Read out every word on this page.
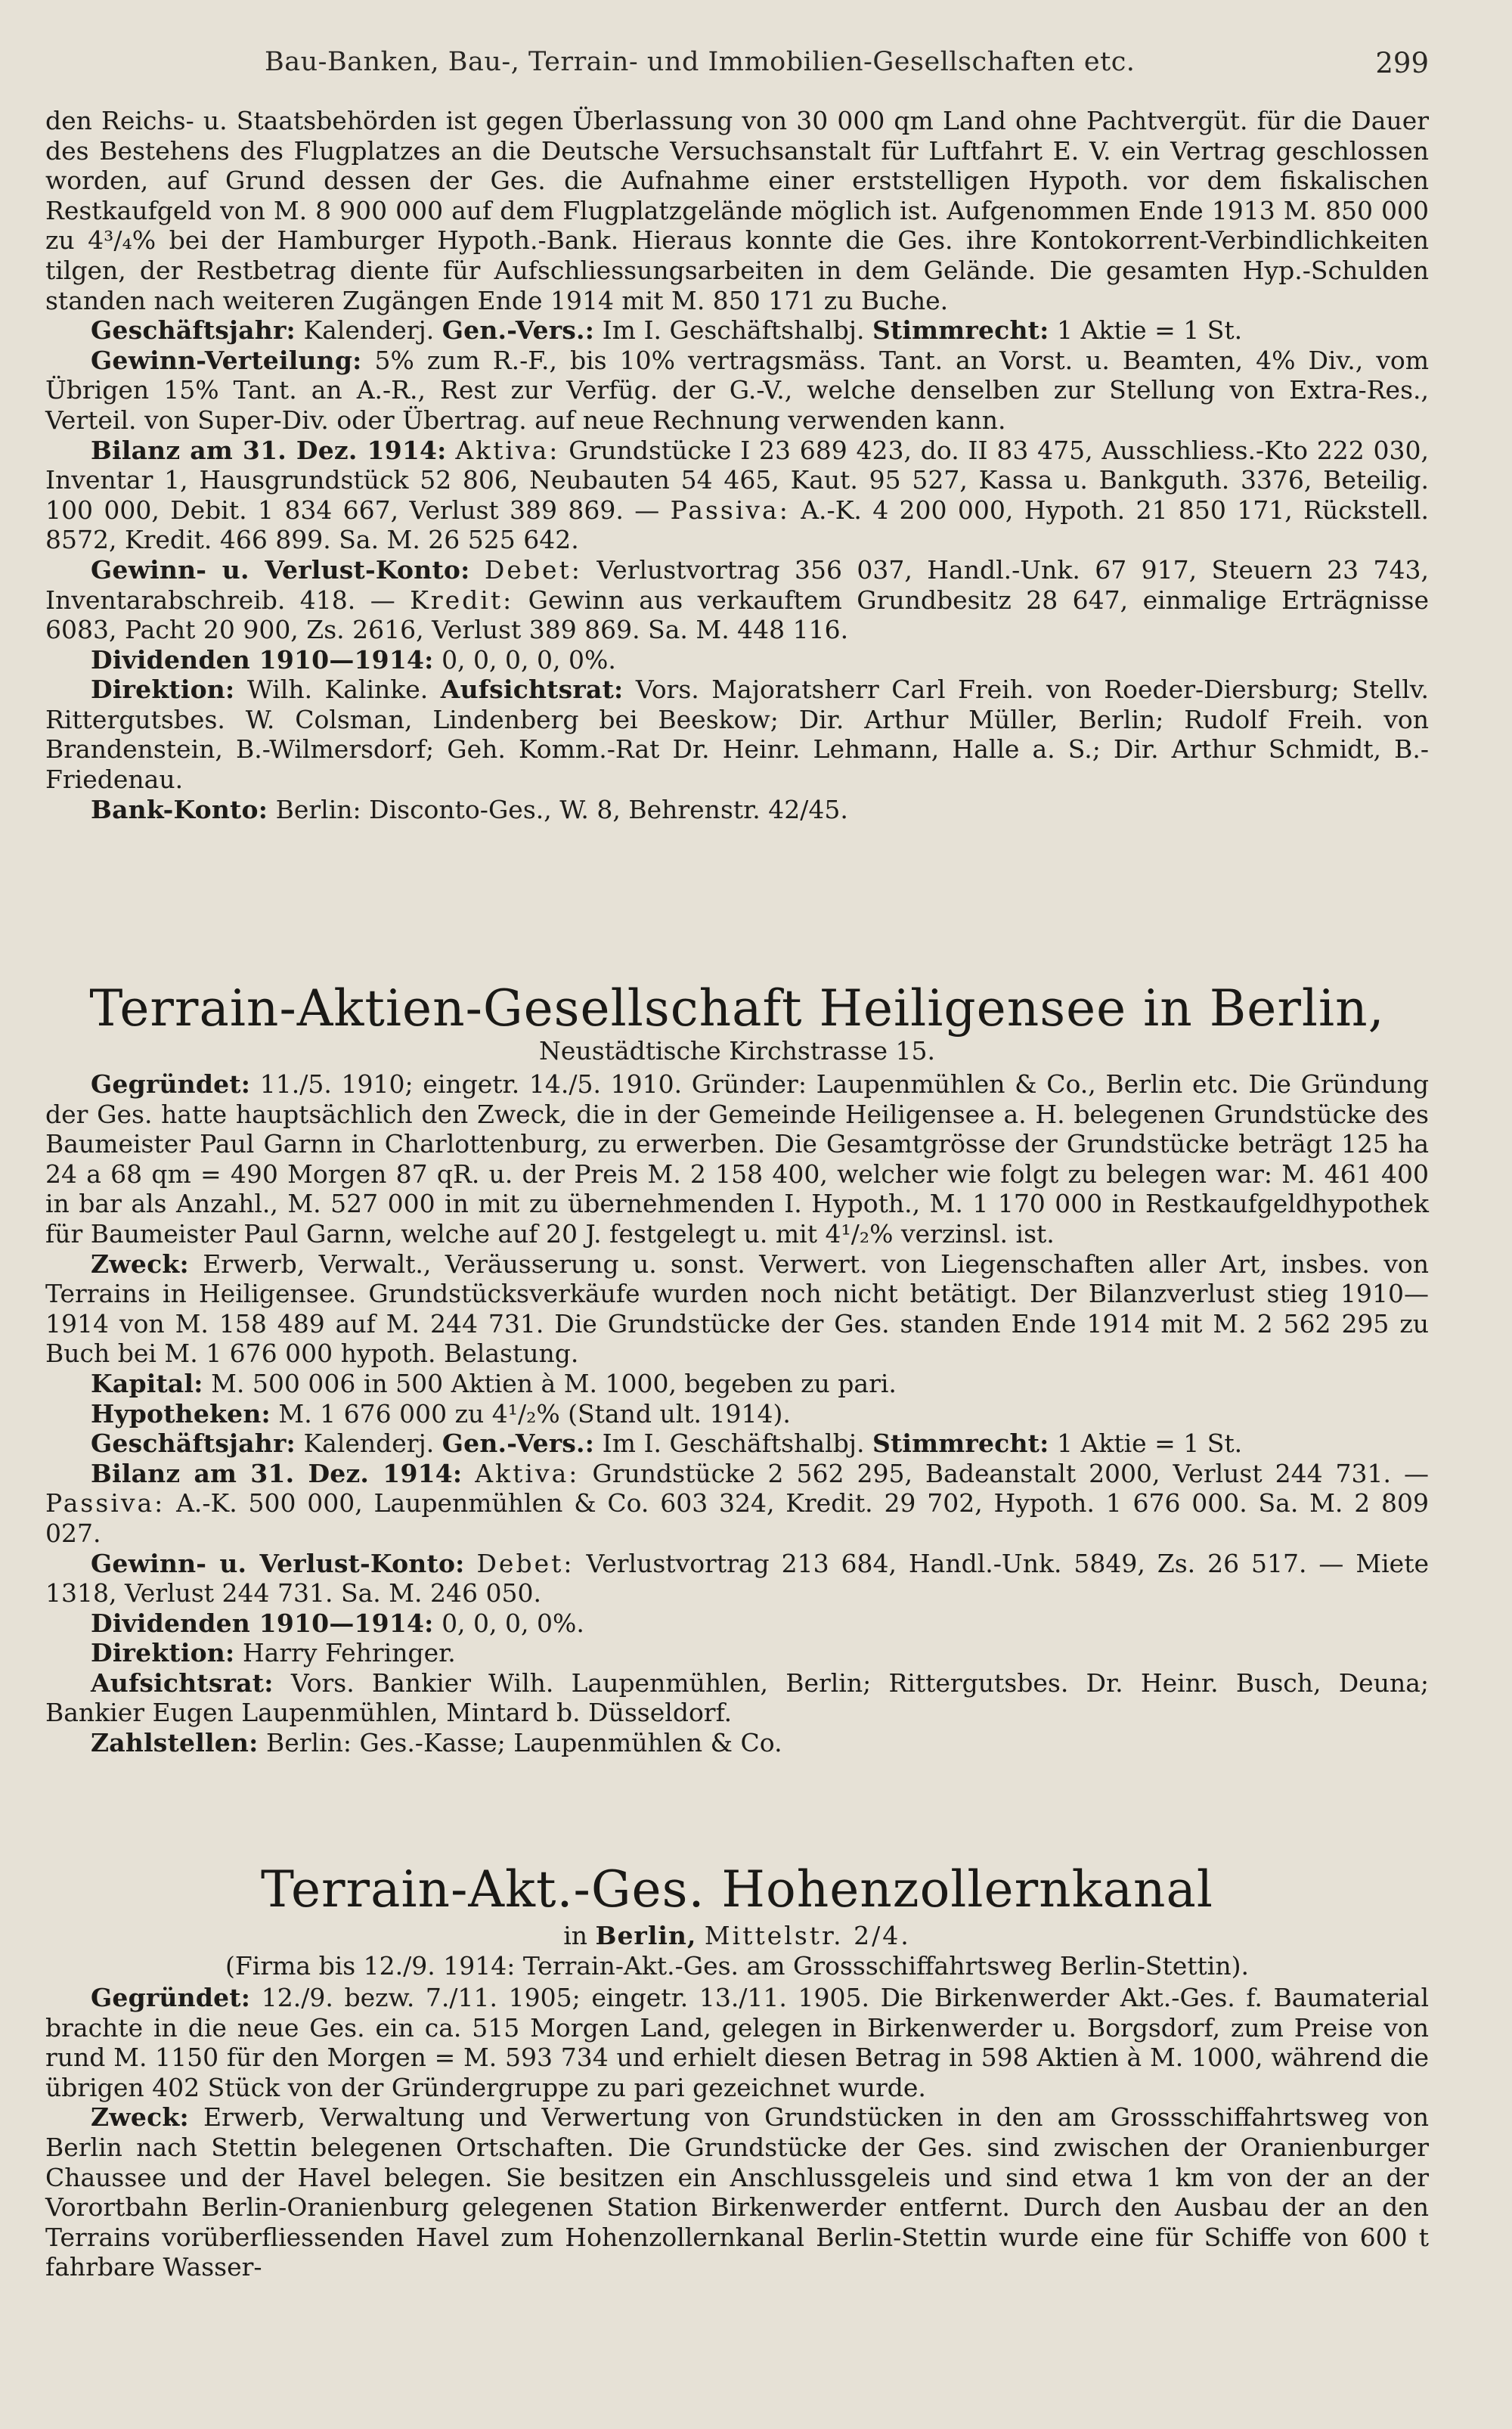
Bau-Banken, Bau-, Terrain- und Immobilien-Gesellschaften etc.	299

den Reichs- u. Staatsbehörden ist gegen Überlassung von 30 000 qm Land ohne Pachtvergüt. für die Dauer des Bestehens des Flugplatzes an die Deutsche Versuchsanstalt für Luftfahrt E. V. ein Vertrag geschlossen worden, auf Grund dessen der Ges. die Aufnahme einer erststelligen Hypoth. vor dem fiskalischen Restkaufgeld von M. 8 900 000 auf dem Flugplatzgelände möglich ist. Aufgenommen Ende 1913 M. 850 000 zu 4³/₄% bei der Hamburger Hypoth.-Bank. Hieraus konnte die Ges. ihre Kontokorrent-Verbindlichkeiten tilgen, der Restbetrag diente für Aufschliessungsarbeiten in dem Gelände. Die gesamten Hyp.-Schulden standen nach weiteren Zugängen Ende 1914 mit M. 850 171 zu Buche.

Geschäftsjahr: Kalenderj. Gen.-Vers.: Im I. Geschäftshalbj. Stimmrecht: 1 Aktie = 1 St.

Gewinn-Verteilung: 5% zum R.-F., bis 10% vertragsmäss. Tant. an Vorst. u. Beamten, 4% Div., vom Übrigen 15% Tant. an A.-R., Rest zur Verfüg. der G.-V., welche denselben zur Stellung von Extra-Res., Verteil. von Super-Div. oder Übertrag. auf neue Rechnung verwenden kann.

Bilanz am 31. Dez. 1914: Aktiva: Grundstücke I 23 689 423, do. II 83 475, Ausschliess.-Kto 222 030, Inventar 1, Hausgrundstück 52 806, Neubauten 54 465, Kaut. 95 527, Kassa u. Bankguth. 3376, Beteilig. 100 000, Debit. 1 834 667, Verlust 389 869. — Passiva: A.-K. 4 200 000, Hypoth. 21 850 171, Rückstell. 8572, Kredit. 466 899. Sa. M. 26 525 642.

Gewinn- u. Verlust-Konto: Debet: Verlustvortrag 356 037, Handl.-Unk. 67 917, Steuern 23 743, Inventarabschreib. 418. — Kredit: Gewinn aus verkauftem Grundbesitz 28 647, einmalige Erträgnisse 6083, Pacht 20 900, Zs. 2616, Verlust 389 869. Sa. M. 448 116.

Dividenden 1910—1914: 0, 0, 0, 0, 0%.

Direktion: Wilh. Kalinke. Aufsichtsrat: Vors. Majoratsherr Carl Freih. von Roeder-Diersburg; Stellv. Rittergutsbes. W. Colsman, Lindenberg bei Beeskow; Dir. Arthur Müller, Berlin; Rudolf Freih. von Brandenstein, B.-Wilmersdorf; Geh. Komm.-Rat Dr. Heinr. Lehmann, Halle a. S.; Dir. Arthur Schmidt, B.-Friedenau.

Bank-Konto: Berlin: Disconto-Ges., W. 8, Behrenstr. 42/45.

Terrain-Aktien-Gesellschaft Heiligensee in Berlin,
Neustädtische Kirchstrasse 15.

Gegründet: 11./5. 1910; eingetr. 14./5. 1910. Gründer: Laupenmühlen & Co., Berlin etc. Die Gründung der Ges. hatte hauptsächlich den Zweck, die in der Gemeinde Heiligensee a. H. belegenen Grundstücke des Baumeister Paul Garnn in Charlottenburg, zu erwerben. Die Gesamtgrösse der Grundstücke beträgt 125 ha 24 a 68 qm = 490 Morgen 87 qR. u. der Preis M. 2 158 400, welcher wie folgt zu belegen war: M. 461 400 in bar als Anzahl., M. 527 000 in mit zu übernehmenden I. Hypoth., M. 1 170 000 in Restkaufgeldhypothek für Baumeister Paul Garnn, welche auf 20 J. festgelegt u. mit 4¹/₂% verzinsl. ist.

Zweck: Erwerb, Verwalt., Veräusserung u. sonst. Verwert. von Liegenschaften aller Art, insbes. von Terrains in Heiligensee. Grundstücksverkäufe wurden noch nicht betätigt. Der Bilanzverlust stieg 1910—1914 von M. 158 489 auf M. 244 731. Die Grundstücke der Ges. standen Ende 1914 mit M. 2 562 295 zu Buch bei M. 1 676 000 hypoth. Belastung.

Kapital: M. 500 006 in 500 Aktien à M. 1000, begeben zu pari.

Hypotheken: M. 1 676 000 zu 4¹/₂% (Stand ult. 1914).

Geschäftsjahr: Kalenderj. Gen.-Vers.: Im I. Geschäftshalbj. Stimmrecht: 1 Aktie = 1 St.

Bilanz am 31. Dez. 1914: Aktiva: Grundstücke 2 562 295, Badeanstalt 2000, Verlust 244 731. — Passiva: A.-K. 500 000, Laupenmühlen & Co. 603 324, Kredit. 29 702, Hypoth. 1 676 000. Sa. M. 2 809 027.

Gewinn- u. Verlust-Konto: Debet: Verlustvortrag 213 684, Handl.-Unk. 5849, Zs. 26 517. — Miete 1318, Verlust 244 731. Sa. M. 246 050.

Dividenden 1910—1914: 0, 0, 0, 0%.

Direktion: Harry Fehringer.

Aufsichtsrat: Vors. Bankier Wilh. Laupenmühlen, Berlin; Rittergutsbes. Dr. Heinr. Busch, Deuna; Bankier Eugen Laupenmühlen, Mintard b. Düsseldorf.

Zahlstellen: Berlin: Ges.-Kasse; Laupenmühlen & Co.

Terrain-Akt.-Ges. Hohenzollernkanal
in Berlin, Mittelstr. 2/4.
(Firma bis 12./9. 1914: Terrain-Akt.-Ges. am Grossschiffahrtsweg Berlin-Stettin).

Gegründet: 12./9. bezw. 7./11. 1905; eingetr. 13./11. 1905. Die Birkenwerder Akt.-Ges. f. Baumaterial brachte in die neue Ges. ein ca. 515 Morgen Land, gelegen in Birkenwerder u. Borgsdorf, zum Preise von rund M. 1150 für den Morgen = M. 593 734 und erhielt diesen Betrag in 598 Aktien à M. 1000, während die übrigen 402 Stück von der Gründergruppe zu pari gezeichnet wurde.

Zweck: Erwerb, Verwaltung und Verwertung von Grundstücken in den am Grossschiffahrtsweg von Berlin nach Stettin belegenen Ortschaften. Die Grundstücke der Ges. sind zwischen der Oranienburger Chaussee und der Havel belegen. Sie besitzen ein Anschlussgeleis und sind etwa 1 km von der an der Vorortbahn Berlin-Oranienburg gelegenen Station Birkenwerder entfernt. Durch den Ausbau der an den Terrains vorüberfliessenden Havel zum Hohenzollernkanal Berlin-Stettin wurde eine für Schiffe von 600 t fahrbare Wasser-
